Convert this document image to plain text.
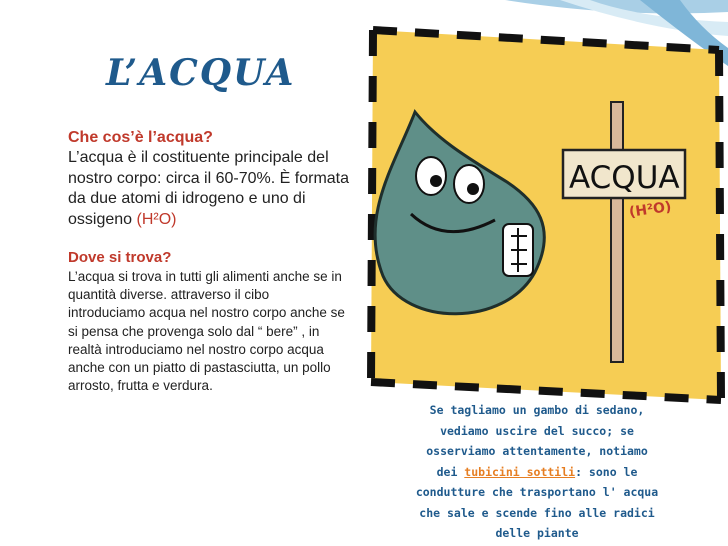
L’ACQUA

Che cos’è l’acqua?

L’acqua è il costituente principale del nostro corpo: circa il 60-70%. È formata da due atomi di idrogeno e uno di ossigeno (H²O)

Dove si trova?

L’acqua si trova in tutti gli alimenti anche se in quantità diverse. attraverso il cibo introduciamo acqua nel nostro corpo anche se si pensa che provenga solo dal “ bere” , in realtà introduciamo nel nostro corpo acqua anche con un piatto di pastasciutta, un pollo arrosto, frutta e verdura.

ACQUA
(H²O)
Se tagliamo un gambo di sedano, vediamo uscire del succo; se osserviamo attentamente, notiamo dei tubicini sottili: sono le condutture che trasportano l' acqua che sale e scende fino alle radici delle piante
